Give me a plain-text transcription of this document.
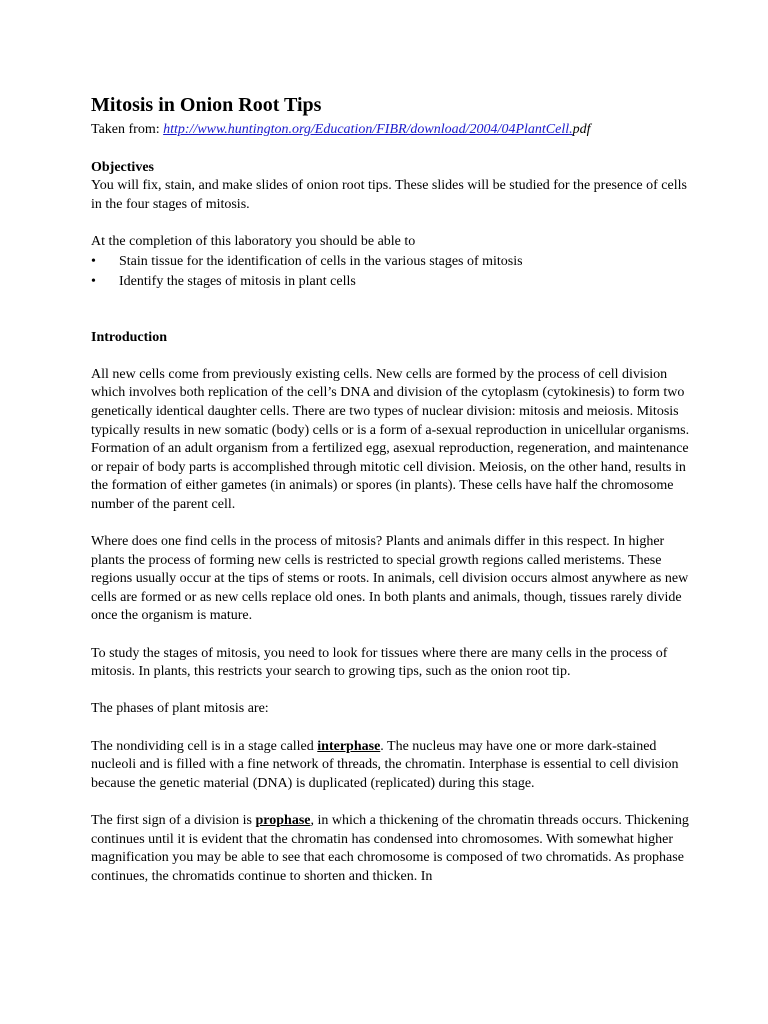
Mitosis in Onion Root Tips

Taken from: http://www.huntington.org/Education/FIBR/download/2004/04PlantCell.pdf

Objectives

You will fix, stain, and make slides of onion root tips. These slides will be studied for the presence of cells in the four stages of mitosis.

At the completion of this laboratory you should be able to

• Stain tissue for the identification of cells in the various stages of mitosis
• Identify the stages of mitosis in plant cells
Introduction

All new cells come from previously existing cells. New cells are formed by the process of cell division which involves both replication of the cell’s DNA and division of the cytoplasm (cytokinesis) to form two genetically identical daughter cells. There are two types of nuclear division: mitosis and meiosis. Mitosis typically results in new somatic (body) cells or is a form of a-sexual reproduction in unicellular organisms. Formation of an adult organism from a fertilized egg, asexual reproduction, regeneration, and maintenance or repair of body parts is accomplished through mitotic cell division. Meiosis, on the other hand, results in the formation of either gametes (in animals) or spores (in plants). These cells have half the chromosome number of the parent cell.

Where does one find cells in the process of mitosis? Plants and animals differ in this respect. In higher plants the process of forming new cells is restricted to special growth regions called meristems. These regions usually occur at the tips of stems or roots. In animals, cell division occurs almost anywhere as new cells are formed or as new cells replace old ones. In both plants and animals, though, tissues rarely divide once the organism is mature.

To study the stages of mitosis, you need to look for tissues where there are many cells in the process of mitosis. In plants, this restricts your search to growing tips, such as the onion root tip.

The phases of plant mitosis are:

The nondividing cell is in a stage called interphase. The nucleus may have one or more dark-stained nucleoli and is filled with a fine network of threads, the chromatin. Interphase is essential to cell division because the genetic material (DNA) is duplicated (replicated) during this stage.

The first sign of a division is prophase, in which a thickening of the chromatin threads occurs. Thickening continues until it is evident that the chromatin has condensed into chromosomes. With somewhat higher magnification you may be able to see that each chromosome is composed of two chromatids. As prophase continues, the chromatids continue to shorten and thicken. In
